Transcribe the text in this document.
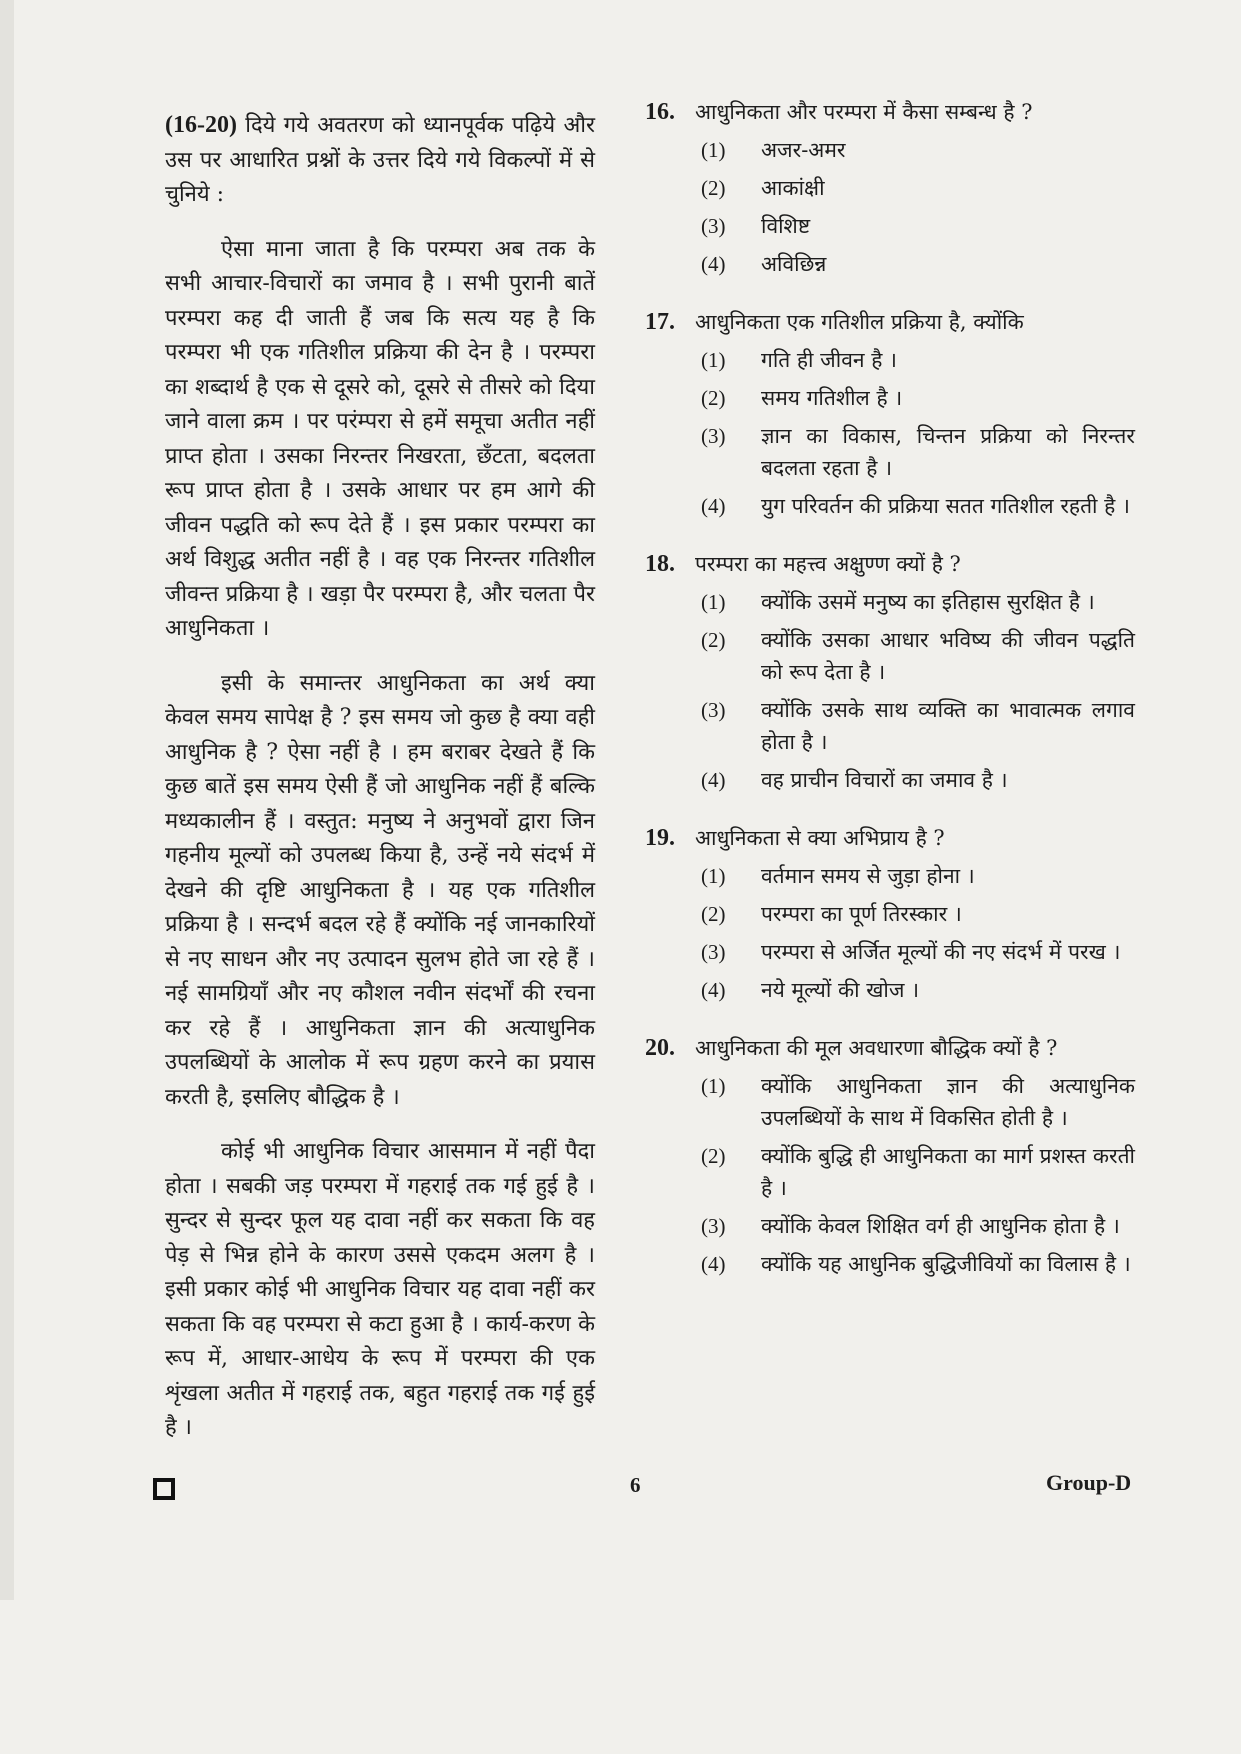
(16-20) दिये गये अवतरण को ध्यानपूर्वक पढ़िये और उस पर आधारित प्रश्नों के उत्तर दिये गये विकल्पों में से चुनिये :

ऐसा माना जाता है कि परम्परा अब तक के सभी आचार-विचारों का जमाव है । सभी पुरानी बातें परम्परा कह दी जाती हैं जब कि सत्य यह है कि परम्परा भी एक गतिशील प्रक्रिया की देन है । परम्परा का शब्दार्थ है एक से दूसरे को, दूसरे से तीसरे को दिया जाने वाला क्रम । पर परंम्परा से हमें समूचा अतीत नहीं प्राप्त होता । उसका निरन्तर निखरता, छँटता, बदलता रूप प्राप्त होता है । उसके आधार पर हम आगे की जीवन पद्धति को रूप देते हैं । इस प्रकार परम्परा का अर्थ विशुद्ध अतीत नहीं है । वह एक निरन्तर गतिशील जीवन्त प्रक्रिया है । खड़ा पैर परम्परा है, और चलता पैर आधुनिकता ।

इसी के समान्तर आधुनिकता का अर्थ क्या केवल समय सापेक्ष है ? इस समय जो कुछ है क्या वही आधुनिक है ? ऐसा नहीं है । हम बराबर देखते हैं कि कुछ बातें इस समय ऐसी हैं जो आधुनिक नहीं हैं बल्कि मध्यकालीन हैं । वस्तुत: मनुष्य ने अनुभवों द्वारा जिन गहनीय मूल्यों को उपलब्ध किया है, उन्हें नये संदर्भ में देखने की दृष्टि आधुनिकता है । यह एक गतिशील प्रक्रिया है । सन्दर्भ बदल रहे हैं क्योंकि नई जानकारियों से नए साधन और नए उत्पादन सुलभ होते जा रहे हैं । नई सामग्रियाँ और नए कौशल नवीन संदर्भों की रचना कर रहे हैं । आधुनिकता ज्ञान की अत्याधुनिक उपलब्धियों के आलोक में रूप ग्रहण करने का प्रयास करती है, इसलिए बौद्धिक है ।

कोई भी आधुनिक विचार आसमान में नहीं पैदा होता । सबकी जड़ परम्परा में गहराई तक गई हुई है । सुन्दर से सुन्दर फूल यह दावा नहीं कर सकता कि वह पेड़ से भिन्न होने के कारण उससे एकदम अलग है । इसी प्रकार कोई भी आधुनिक विचार यह दावा नहीं कर सकता कि वह परम्परा से कटा हुआ है । कार्य-करण के रूप में, आधार-आधेय के रूप में परम्परा की एक शृंखला अतीत में गहराई तक, बहुत गहराई तक गई हुई है ।

16. आधुनिकता और परम्परा में कैसा सम्बन्ध है ?
(1)	अजर-अमर
(2)	आकांक्षी
(3)	विशिष्ट
(4)	अविछिन्न
17. आधुनिकता एक गतिशील प्रक्रिया है, क्योंकि
(1)	गति ही जीवन है ।
(2)	समय गतिशील है ।
(3)	ज्ञान का विकास, चिन्तन प्रक्रिया को निरन्तर बदलता रहता है ।
(4)	युग परिवर्तन की प्रक्रिया सतत गतिशील रहती है ।
18. परम्परा का महत्त्व अक्षुण्ण क्यों है ?
(1)	क्योंकि उसमें मनुष्य का इतिहास सुरक्षित है ।
(2)	क्योंकि उसका आधार भविष्य की जीवन पद्धति को रूप देता है ।
(3)	क्योंकि उसके साथ व्यक्ति का भावात्मक लगाव होता है ।
(4)	वह प्राचीन विचारों का जमाव है ।
19. आधुनिकता से क्या अभिप्राय है ?
(1)	वर्तमान समय से जुड़ा होना ।
(2)	परम्परा का पूर्ण तिरस्कार ।
(3)	परम्परा से अर्जित मूल्यों की नए संदर्भ में परख ।
(4)	नये मूल्यों की खोज ।
20. आधुनिकता की मूल अवधारणा बौद्धिक क्यों है ?
(1)	क्योंकि आधुनिकता ज्ञान की अत्याधुनिक उपलब्धियों के साथ में विकसित होती है ।
(2)	क्योंकि बुद्धि ही आधुनिकता का मार्ग प्रशस्त करती है ।
(3)	क्योंकि केवल शिक्षित वर्ग ही आधुनिक होता है ।
(4)	क्योंकि यह आधुनिक बुद्धिजीवियों का विलास है ।
6	Group-D
